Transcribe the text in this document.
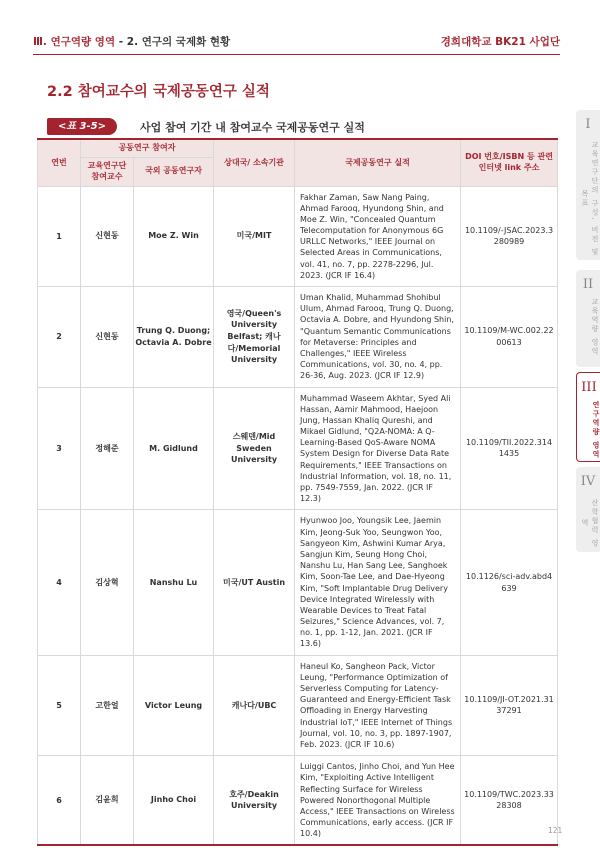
Ⅲ. 연구역량 영역 - 2. 연구의 국제화 현황	경희대학교 BK21 사업단
2.2 참여교수의 국제공동연구 실적
<표 3-5>	사업 참여 기간 내 참여교수 국제공동연구 실적
연번	공동연구 참여자		상대국/ 소속기관	국제공동연구 실적	DOI 번호/ISBN 등 관련 인터넷 link 주소
	교육연구단 참여교수	국외 공동연구자			
1	신현동	Moe Z. Win	미국/MIT	Fakhar Zaman, Saw Nang Paing, Ahmad Farooq, Hyundong Shin, and Moe Z. Win, "Concealed Quantum Telecomputation for Anonymous 6G URLLC Networks," IEEE Journal on Selected Areas in Communications, vol. 41, no. 7, pp. 2278-2296, Jul. 2023. (JCR IF 16.4)	10.1109/-JSAC.2023.3280989
2	신현동	Trung Q. Duong; Octavia A. Dobre	영국/Queen's University Belfast; 캐나다/Memorial University	Uman Khalid, Muhammad Shohibul Ulum, Ahmad Farooq, Trung Q. Duong, Octavia A. Dobre, and Hyundong Shin, "Quantum Semantic Communications for Metaverse: Principles and Challenges," IEEE Wireless Communications, vol. 30, no. 4, pp. 26-36, Aug. 2023. (JCR IF 12.9)	10.1109/M-WC.002.2200613
3	정해준	M. Gidlund	스웨덴/Mid Sweden University	Muhammad Waseem Akhtar, Syed Ali Hassan, Aamir Mahmood, Haejoon Jung, Hassan Khaliq Qureshi, and Mikael Gidlund, "Q2A-NOMA: A Q-Learning-Based QoS-Aware NOMA System Design for Diverse Data Rate Requirements," IEEE Transactions on Industrial Information, vol. 18, no. 11, pp. 7549-7559, Jan. 2022. (JCR IF 12.3)	10.1109/TII.2022.3141435
4	김상혁	Nanshu Lu	미국/UT Austin	Hyunwoo Joo, Youngsik Lee, Jaemin Kim, Jeong-Suk Yoo, Seungwon Yoo, Sangyeon Kim, Ashwini Kumar Arya, Sangjun Kim, Seung Hong Choi, Nanshu Lu, Han Sang Lee, Sanghoek Kim, Soon-Tae Lee, and Dae-Hyeong Kim, "Soft Implantable Drug Delivery Device Integrated Wirelessly with Wearable Devices to Treat Fatal Seizures," Science Advances, vol. 7, no. 1, pp. 1-12, Jan. 2021. (JCR IF 13.6)	10.1126/sci-adv.abd4639
5	고한얼	Victor Leung	캐나다/UBC	Haneul Ko, Sangheon Pack, Victor Leung, "Performance Optimization of Serverless Computing for Latency-Guaranteed and Energy-Efficient Task Offloading in Energy Harvesting Industrial IoT," IEEE Internet of Things Journal, vol. 10, no. 3, pp. 1897-1907, Feb. 2023. (JCR IF 10.6)	10.1109/JI-OT.2021.3137291
6	김윤희	Jinho Choi	호주/Deakin University	Luiggi Cantos, Jinho Choi, and Yun Hee Kim, "Exploiting Active Intelligent Reflecting Surface for Wireless Powered Nonorthogonal Multiple Access," IEEE Transactions on Wireless Communications, early access. (JCR IF 10.4)	10.1109/TWC.2023.3328308
I
교육연구단의 구성, 비전 및 목표
II
교육역량 영역
III
연구역량 영역
IV
산학협력 영역
121
